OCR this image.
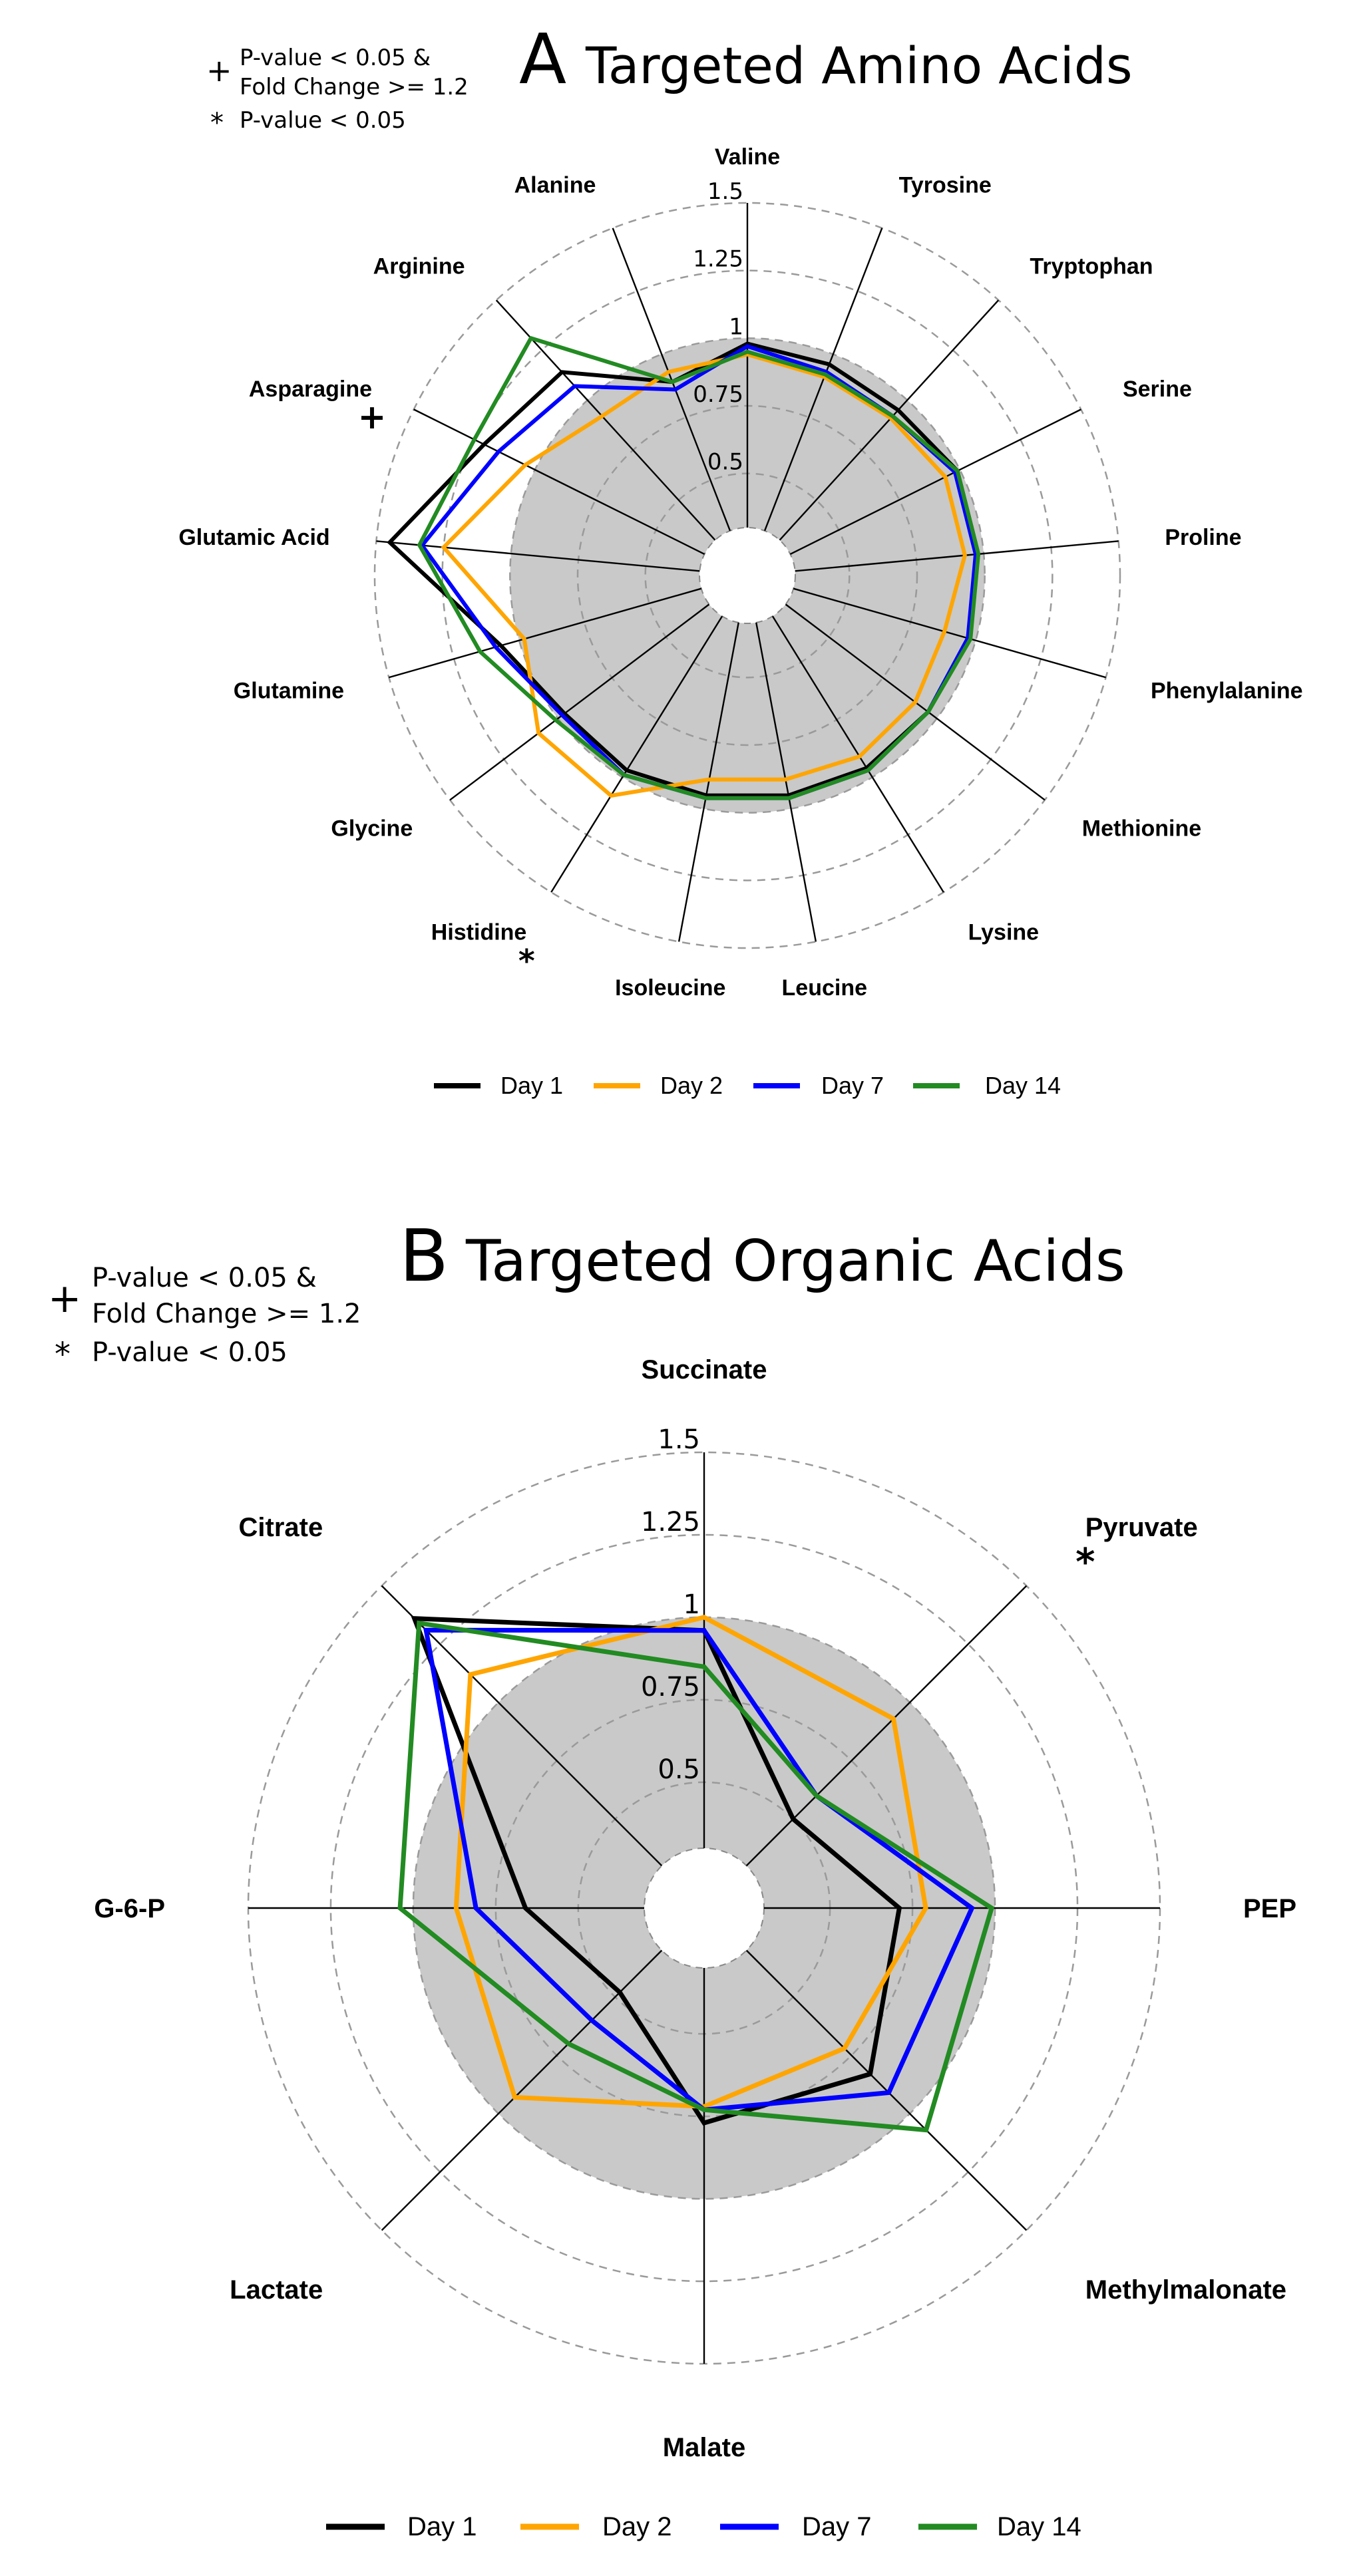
+ P-value < 0.05 &
Fold Change >= 1.2
* P-value < 0.05
A Targeted Amino Acids
0.5
0.75
1
1.25
1.5
Valine
Tyrosine
Tryptophan
Serine
Proline
Phenylalanine
Methionine
Lysine
Leucine
Isoleucine
Histidine
*
Glycine
Glutamine
Glutamic Acid
Asparagine
+
Arginine
Alanine
Day 1	Day 2	Day 7	Day 14
+ P-value < 0.05 &
Fold Change >= 1.2
* P-value < 0.05
B Targeted Organic Acids
0.5
0.75
1
1.25
1.5
Succinate
Pyruvate
*
PEP
Methylmalonate
Malate
Lactate
G-6-P
Citrate
Day 1	Day 2	Day 7	Day 14
